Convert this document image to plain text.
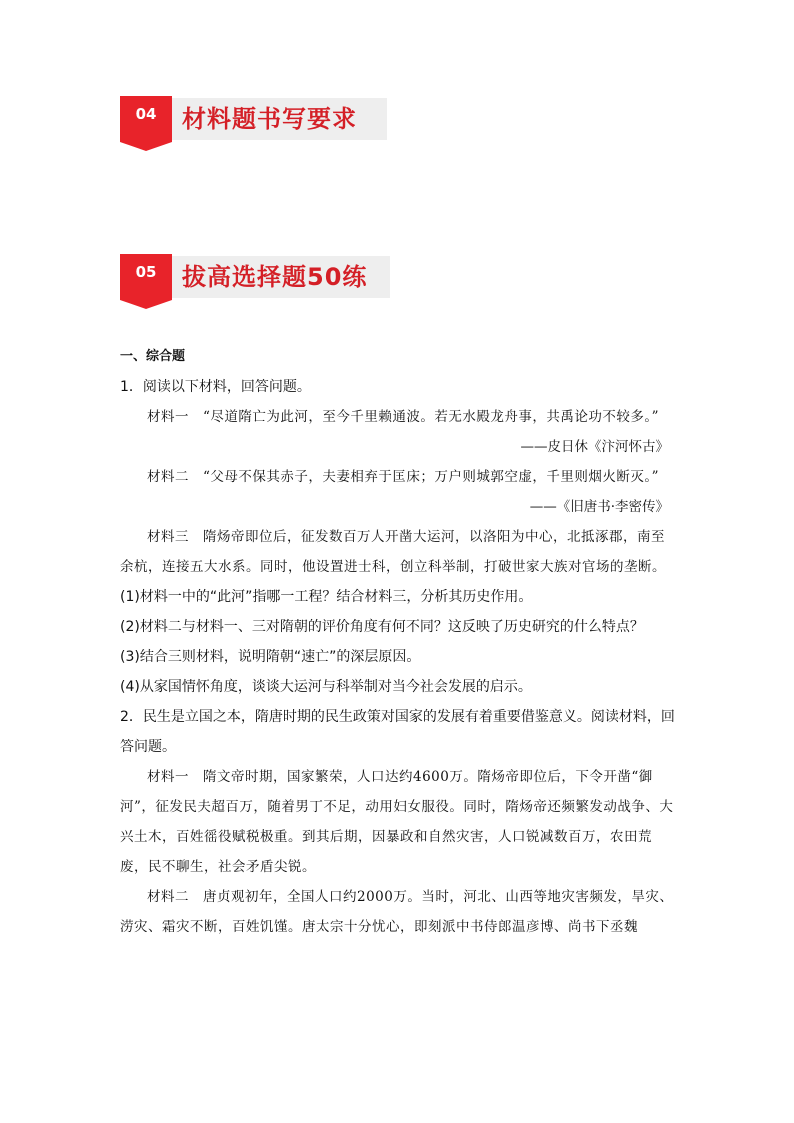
04	材料题书写要求
05	拔高选择题50练

一、综合题

1．阅读以下材料，回答问题。

材料一　“尽道隋亡为此河，至今千里赖通波。若无水殿龙舟事，共禹论功不较多。”

——皮日休《汴河怀古》

材料二　“父母不保其赤子，夫妻相弃于匡床；万户则城郭空虚，千里则烟火断灭。”

——《旧唐书·李密传》

材料三　隋炀帝即位后，征发数百万人开凿大运河，以洛阳为中心，北抵涿郡，南至余杭，连接五大水系。同时，他设置进士科，创立科举制，打破世家大族对官场的垄断。

(1)材料一中的“此河”指哪一工程？结合材料三，分析其历史作用。

(2)材料二与材料一、三对隋朝的评价角度有何不同？这反映了历史研究的什么特点？

(3)结合三则材料，说明隋朝“速亡”的深层原因。

(4)从家国情怀角度，谈谈大运河与科举制对当今社会发展的启示。

2．民生是立国之本，隋唐时期的民生政策对国家的发展有着重要借鉴意义。阅读材料，回答问题。

材料一　隋文帝时期，国家繁荣，人口达约4600万。隋炀帝即位后，下令开凿“御河”，征发民夫超百万，随着男丁不足，动用妇女服役。同时，隋炀帝还频繁发动战争、大兴土木，百姓徭役赋税极重。到其后期，因暴政和自然灾害，人口锐减数百万，农田荒废，民不聊生，社会矛盾尖锐。

材料二　唐贞观初年，全国人口约2000万。当时，河北、山西等地灾害频发，旱灾、涝灾、霜灾不断，百姓饥馑。唐太宗十分忧心，即刻派中书侍郎温彦博、尚书下丞魏
